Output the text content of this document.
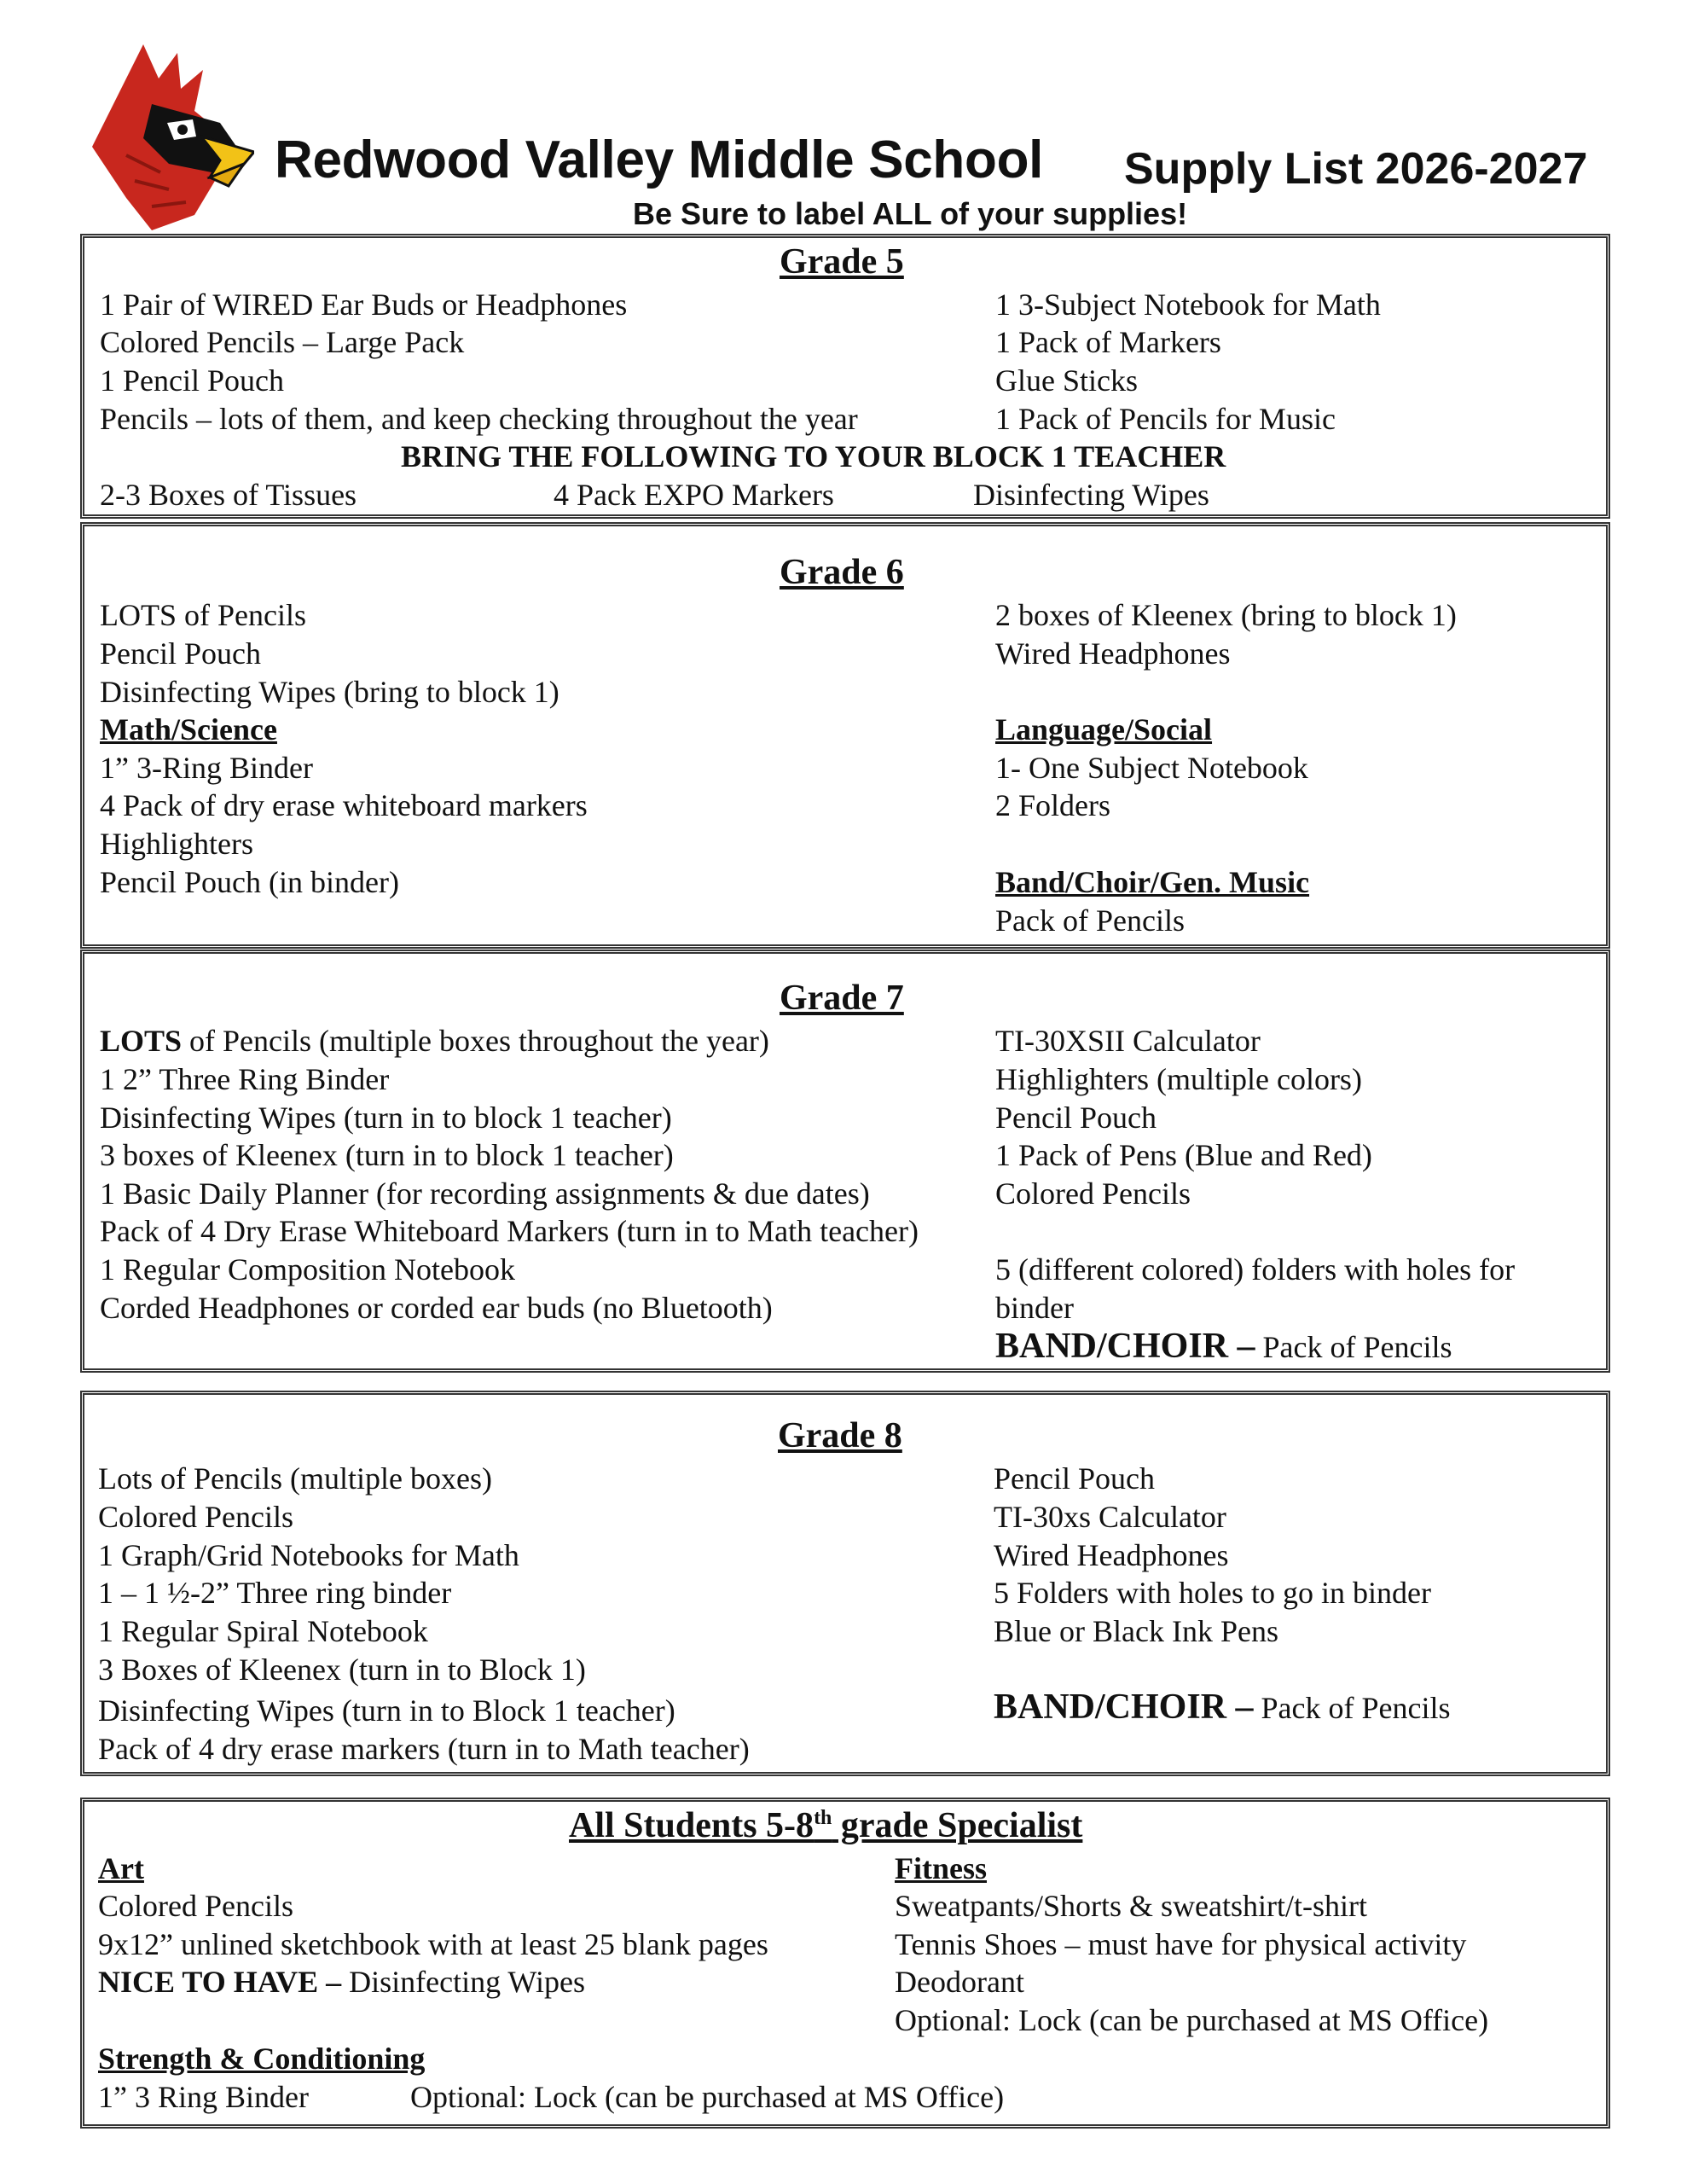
Redwood Valley Middle School Supply List 2026-2027
Be Sure to label ALL of your supplies!
Grade 5
1 Pair of WIRED Ear Buds or Headphones
Colored Pencils – Large Pack
1 Pencil Pouch
Pencils – lots of them, and keep checking throughout the year
1 3-Subject Notebook for Math
1 Pack of Markers
Glue Sticks
1 Pack of Pencils for Music
BRING THE FOLLOWING TO YOUR BLOCK 1 TEACHER
2-3 Boxes of Tissues	4 Pack EXPO Markers	Disinfecting Wipes
Grade 6
LOTS of Pencils
Pencil Pouch
Disinfecting Wipes (bring to block 1)
Math/Science
1” 3-Ring Binder
4 Pack of dry erase whiteboard markers
Highlighters
Pencil Pouch (in binder)
2 boxes of Kleenex (bring to block 1)
Wired Headphones
Language/Social
1- One Subject Notebook
2 Folders
Band/Choir/Gen. Music
Pack of Pencils
Grade 7
LOTS of Pencils (multiple boxes throughout the year)
1 2” Three Ring Binder
Disinfecting Wipes (turn in to block 1 teacher)
3 boxes of Kleenex (turn in to block 1 teacher)
1 Basic Daily Planner (for recording assignments & due dates)
Pack of 4 Dry Erase Whiteboard Markers (turn in to Math teacher)
1 Regular Composition Notebook
Corded Headphones or corded ear buds (no Bluetooth)
TI-30XSII Calculator
Highlighters (multiple colors)
Pencil Pouch
1 Pack of Pens (Blue and Red)
Colored Pencils
5 (different colored) folders with holes for
binder
BAND/CHOIR – Pack of Pencils
Grade 8
Lots of Pencils (multiple boxes)
Colored Pencils
1 Graph/Grid Notebooks for Math
1 – 1 ½-2” Three ring binder
1 Regular Spiral Notebook
3 Boxes of Kleenex (turn in to Block 1)
Disinfecting Wipes (turn in to Block 1 teacher)
Pack of 4 dry erase markers (turn in to Math teacher)
Pencil Pouch
TI-30xs Calculator
Wired Headphones
5 Folders with holes to go in binder
Blue or Black Ink Pens
BAND/CHOIR – Pack of Pencils
All Students 5-8th grade Specialist
Art
Colored Pencils
9x12” unlined sketchbook with at least 25 blank pages
NICE TO HAVE – Disinfecting Wipes
Fitness
Sweatpants/Shorts & sweatshirt/t-shirt
Tennis Shoes – must have for physical activity
Deodorant
Optional: Lock (can be purchased at MS Office)
Strength & Conditioning
1” 3 Ring Binder	Optional: Lock (can be purchased at MS Office)
